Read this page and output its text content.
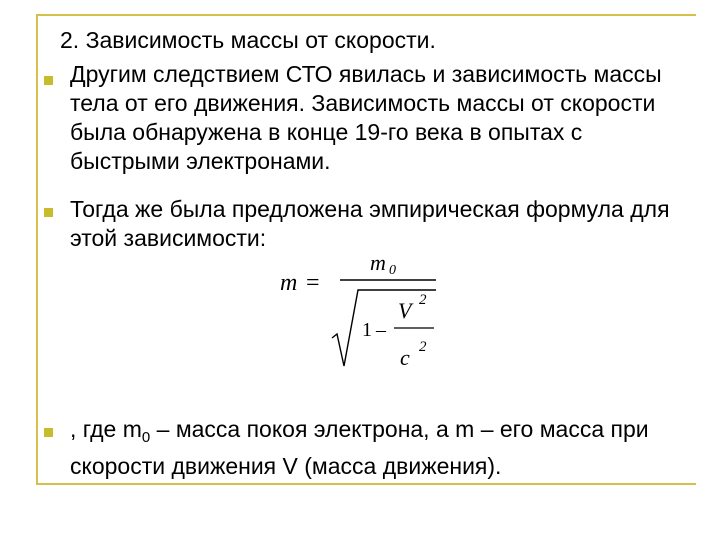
2. Зависимость массы от скорости.

Другим следствием СТО явилась и зависимость массы тела от его движения. Зависимость массы от скорости была обнаружена в конце 19-го века в опытах с быстрыми электронами.

Тогда же была предложена эмпирическая формула для этой зависимости:

m =
m 0
1 –
V 2
c 2

, где $m_0$ – масса покоя электрона, а m – его масса при скорости движения V (масса движения).
